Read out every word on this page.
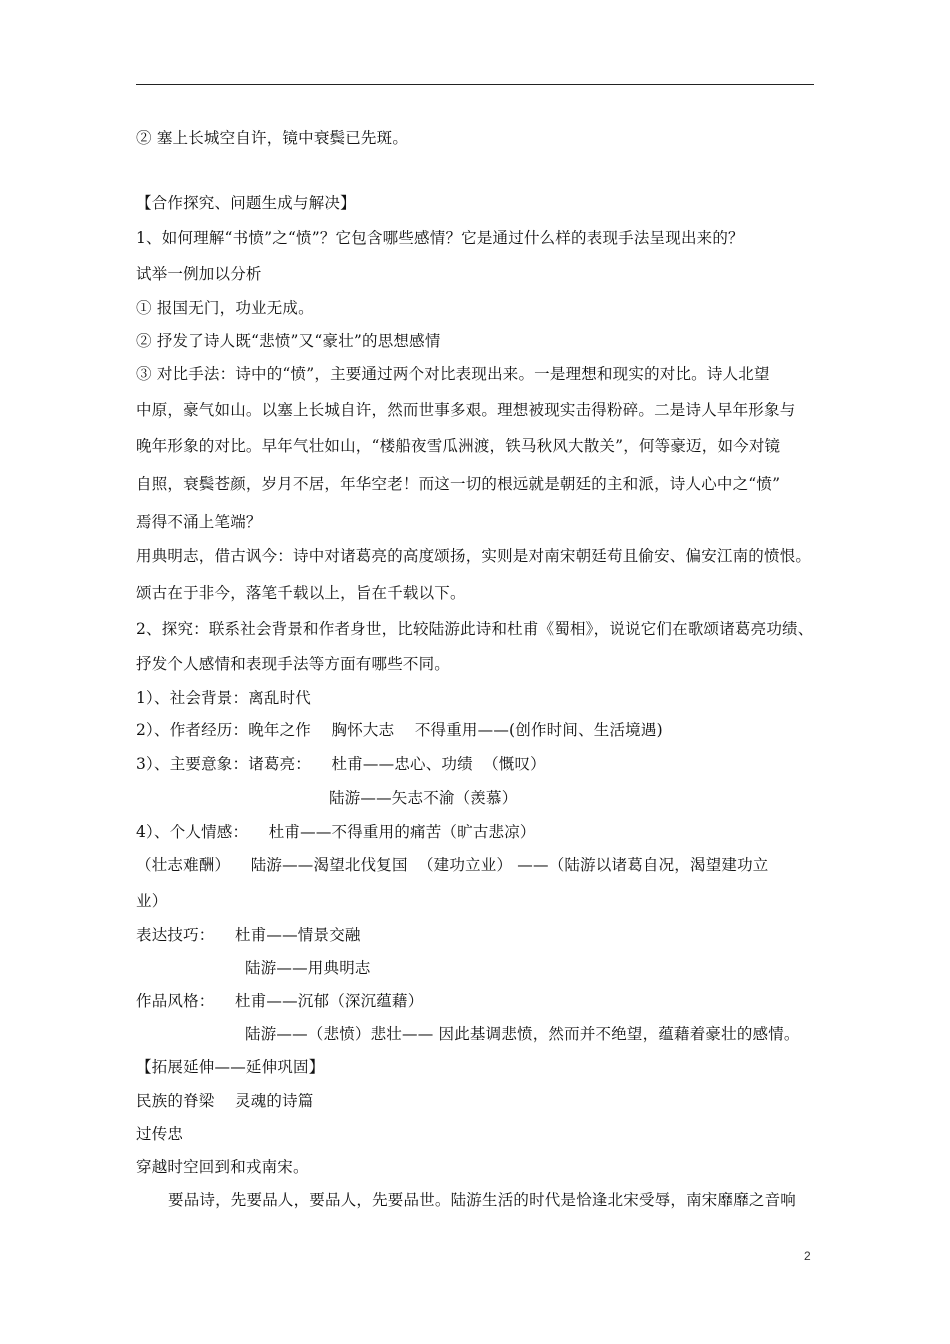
② 塞上长城空自许，镜中衰鬓已先斑。
【合作探究、问题生成与解决】
1、如何理解“书愤”之“愤”？它包含哪些感情？它是通过什么样的表现手法呈现出来的？
试举一例加以分析
① 报国无门，功业无成。
② 抒发了诗人既“悲愤”又“豪壮”的思想感情
③ 对比手法：诗中的“愤”，主要通过两个对比表现出来。一是理想和现实的对比。诗人北望
中原，豪气如山。以塞上长城自许，然而世事多艰。理想被现实击得粉碎。二是诗人早年形象与
晚年形象的对比。早年气壮如山，“楼船夜雪瓜洲渡，铁马秋风大散关”，何等豪迈，如今对镜
自照，衰鬓苍颜，岁月不居，年华空老！而这一切的根远就是朝廷的主和派，诗人心中之“愤”
焉得不涌上笔端？
用典明志，借古讽今：诗中对诸葛亮的高度颂扬，实则是对南宋朝廷苟且偷安、偏安江南的愤恨。
颂古在于非今，落笔千载以上，旨在千载以下。
2、探究：联系社会背景和作者身世，比较陆游此诗和杜甫《蜀相》，说说它们在歌颂诸葛亮功绩、
抒发个人感情和表现手法等方面有哪些不同。
1）、社会背景：离乱时代
2）、作者经历：晚年之作    胸怀大志    不得重用——(创作时间、生活境遇)
3）、主要意象：诸葛亮：    杜甫——忠心、功绩  （慨叹）
陆游——矢志不渝（羡慕）
4）、个人情感：    杜甫——不得重用的痛苦（旷古悲凉）
（壮志难酬）    陆游——渴望北伐复国  （建功立业） ——（陆游以诸葛自况，渴望建功立
业）
表达技巧：    杜甫——情景交融
陆游——用典明志
作品风格：    杜甫——沉郁（深沉蕴藉）
陆游——（悲愤）悲壮—— 因此基调悲愤，然而并不绝望，蕴藉着豪壮的感情。
【拓展延伸——延伸巩固】
民族的脊梁    灵魂的诗篇
过传忠
穿越时空回到和戎南宋。
要品诗，先要品人，要品人，先要品世。陆游生活的时代是恰逢北宋受辱，南宋靡靡之音响
2
